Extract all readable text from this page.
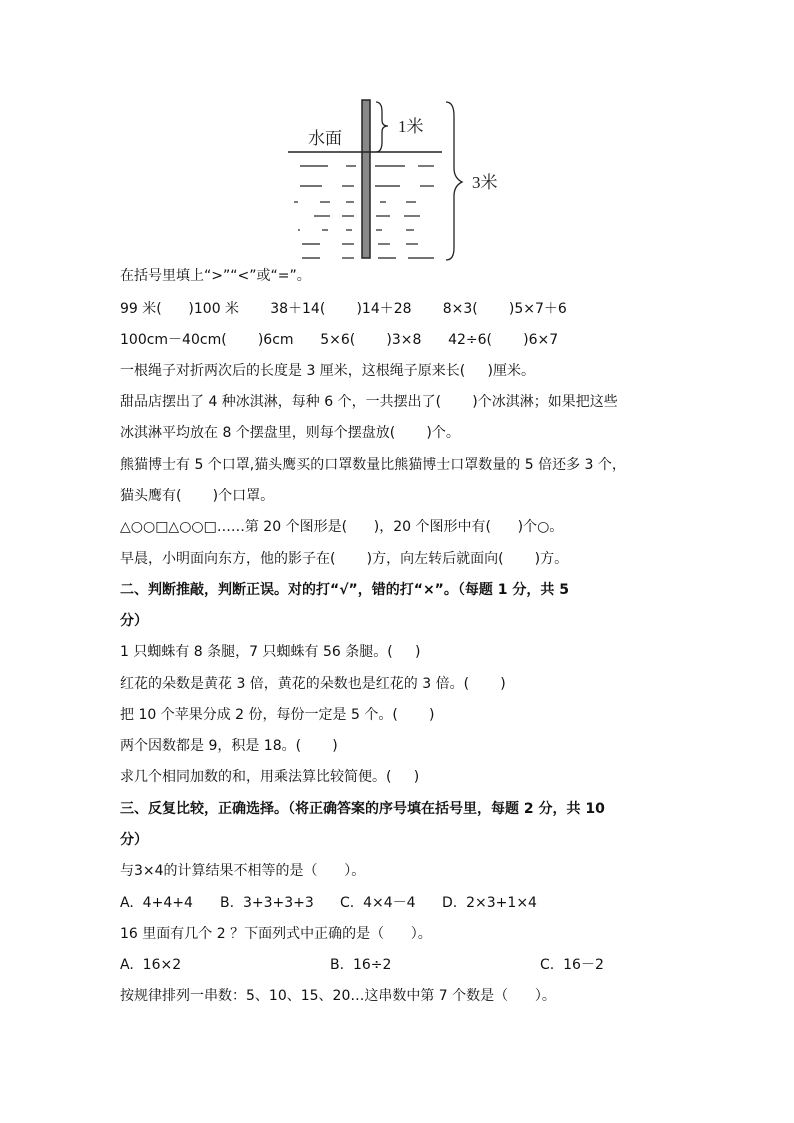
水面
1米
3米
在括号里填上“>”“<”或“=”。
99 米(      )100 米       38＋14(       )14＋28       8×3(       )5×7＋6
100cm－40cm(       )6cm      5×6(       )3×8      42÷6(       )6×7
一根绳子对折两次后的长度是 3 厘米，这根绳子原来长(     )厘米。
甜品店摆出了 4 种冰淇淋，每种 6 个，一共摆出了(       )个冰淇淋；如果把这些
冰淇淋平均放在 8 个摆盘里，则每个摆盘放(       )个。
熊猫博士有 5 个口罩,猫头鹰买的口罩数量比熊猫博士口罩数量的 5 倍还多 3 个，
猫头鹰有(       )个口罩。
△○○□△○○□……第 20 个图形是(      )，20 个图形中有(      )个○。
早晨，小明面向东方，他的影子在(       )方，向左转后就面向(       )方。
二、判断推敲，判断正误。对的打“√”，错的打“×”。（每题 1 分，共 5
分）
1 只蜘蛛有 8 条腿，7 只蜘蛛有 56 条腿。(     )
红花的朵数是黄花 3 倍，黄花的朵数也是红花的 3 倍。(       )
把 10 个苹果分成 2 份，每份一定是 5 个。(       )
两个因数都是 9，积是 18。(       )
求几个相同加数的和，用乘法算比较简便。(     )
三、反复比较，正确选择。（将正确答案的序号填在括号里，每题 2 分，共 10
分）
与3×4的计算结果不相等的是（      ）。
A.  4+4+4 B.  3+3+3+3 C.  4×4－4 D.  2×3+1×4
16 里面有几个 2 ？下面列式中正确的是（      ）。
A.  16×2	B.  16÷2	C.  16－2
按规律排列一串数：5、10、15、20…这串数中第 7 个数是（      ）。
